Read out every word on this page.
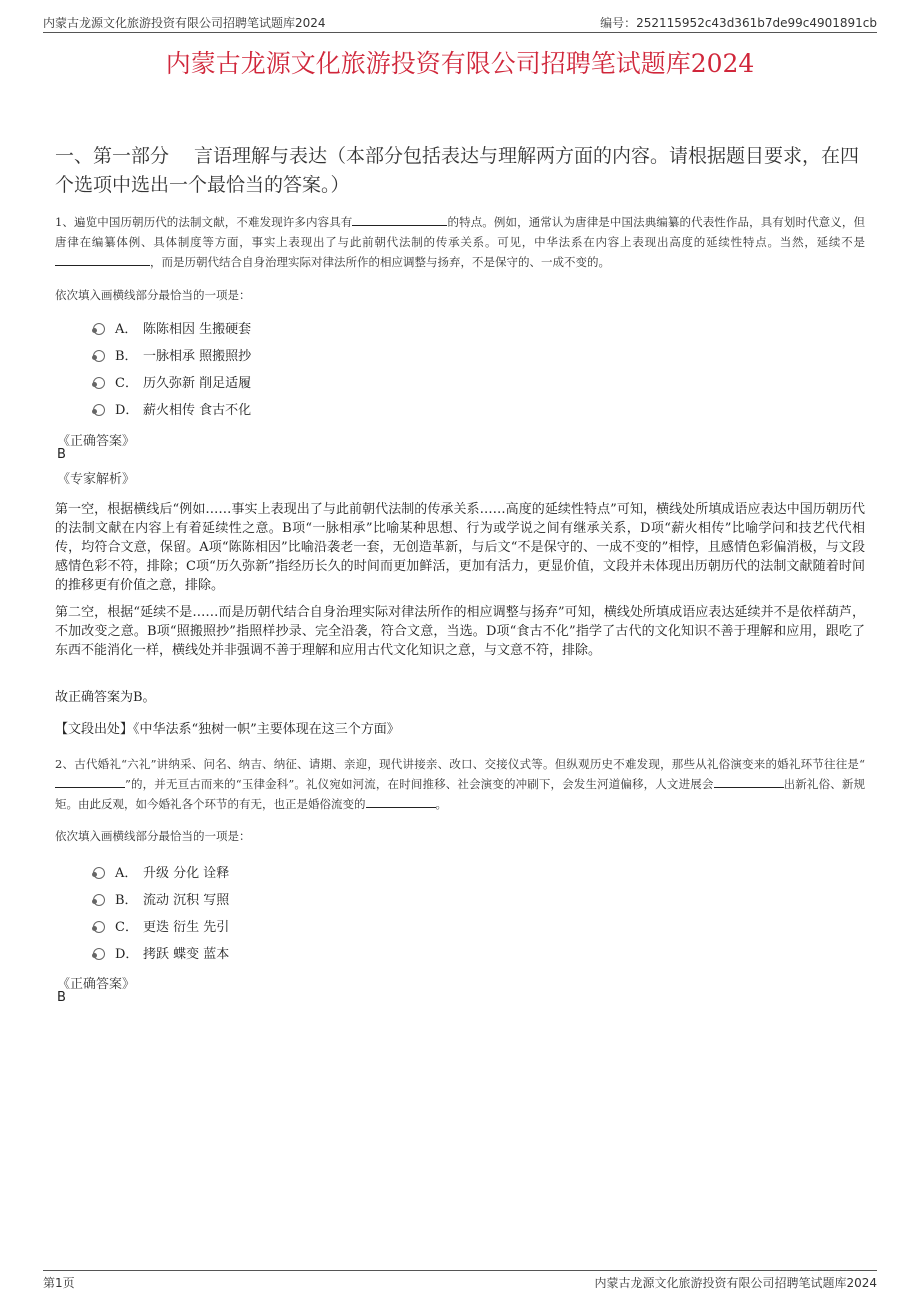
内蒙古龙源文化旅游投资有限公司招聘笔试题库2024	编号：252115952c43d361b7de99c4901891cb
内蒙古龙源文化旅游投资有限公司招聘笔试题库2024
一、第一部分　 言语理解与表达（本部分包括表达与理解两方面的内容。请根据题目要求，在四个选项中选出一个最恰当的答案。）
1、遍览中国历朝历代的法制文献，不难发现许多内容具有	的特点。例如，通常认为唐律是中国法典编纂的代表性作品，具有划时代意义，但唐律在编纂体例、具体制度等方面，事实上表现出了与此前朝代法制的传承关系。可见，中华法系在内容上表现出高度的延续性特点。当然，延续不是，而是历朝代结合自身治理实际对律法所作的相应调整与扬弃，不是保守的、一成不变的。
依次填入画横线部分最恰当的一项是：
A． 陈陈相因 生搬硬套
B． 一脉相承 照搬照抄
C． 历久弥新 削足适履
D． 薪火相传 食古不化
《正确答案》
B
《专家解析》
第一空，根据横线后“例如……事实上表现出了与此前朝代法制的传承关系……高度的延续性特点”可知，横线处所填成语应表达中国历朝历代的法制文献在内容上有着延续性之意。B项“一脉相承”比喻某种思想、行为或学说之间有继承关系，D项“薪火相传”比喻学问和技艺代代相传，均符合文意，保留。A项“陈陈相因”比喻沿袭老一套，无创造革新，与后文“不是保守的、一成不变的”相悖，且感情色彩偏消极，与文段感情色彩不符，排除；C项“历久弥新”指经历长久的时间而更加鲜活，更加有活力，更显价值，文段并未体现出历朝历代的法制文献随着时间的推移更有价值之意，排除。
第二空，根据“延续不是……而是历朝代结合自身治理实际对律法所作的相应调整与扬弃”可知，横线处所填成语应表达延续并不是依样葫芦，不加改变之意。B项“照搬照抄”指照样抄录、完全沿袭，符合文意，当选。D项“食古不化”指学了古代的文化知识不善于理解和应用，跟吃了东西不能消化一样，横线处并非强调不善于理解和应用古代文化知识之意，与文意不符，排除。
故正确答案为B。
【文段出处】《中华法系“独树一帜”主要体现在这三个方面》
2、古代婚礼“六礼”讲纳采、问名、纳吉、纳征、请期、亲迎，现代讲接亲、改口、交接仪式等。但纵观历史不难发现，那些从礼俗演变来的婚礼环节往往是“”的，并无亘古而来的“玉律金科”。礼仪宛如河流，在时间推移、社会演变的冲刷下，会发生河道偏移，人文进展会	出新礼俗、新规矩。由此反观，如今婚礼各个环节的有无，也正是婚俗流变的	。
依次填入画横线部分最恰当的一项是：
A． 升级 分化 诠释
B． 流动 沉积 写照
C． 更迭 衍生 先引
D． 拷跃 蝶变 蓝本
《正确答案》
B
第1页	内蒙古龙源文化旅游投资有限公司招聘笔试题库2024
